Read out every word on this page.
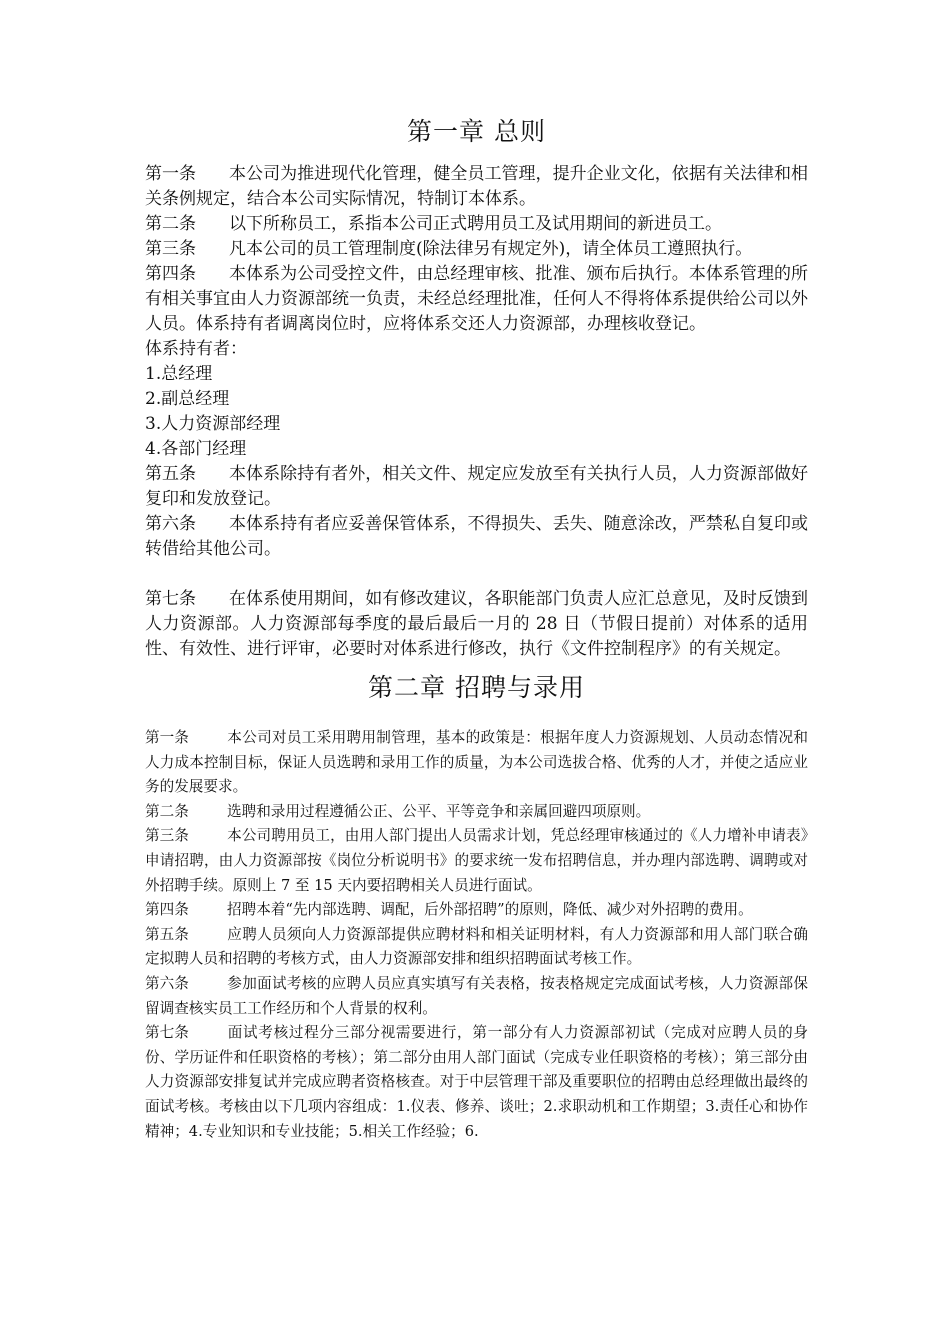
第一章 总则

第一条 本公司为推进现代化管理，健全员工管理，提升企业文化，依据有关法律和相关条例规定，结合本公司实际情况，特制订本体系。

第二条 以下所称员工，系指本公司正式聘用员工及试用期间的新进员工。

第三条 凡本公司的员工管理制度(除法律另有规定外)，请全体员工遵照执行。

第四条 本体系为公司受控文件，由总经理审核、批准、颁布后执行。本体系管理的所有相关事宜由人力资源部统一负责，未经总经理批准，任何人不得将体系提供给公司以外人员。体系持有者调离岗位时，应将体系交还人力资源部，办理核收登记。

体系持有者：

1.总经理

2.副总经理

3.人力资源部经理

4.各部门经理

第五条 本体系除持有者外，相关文件、规定应发放至有关执行人员，人力资源部做好复印和发放登记。

第六条 本体系持有者应妥善保管体系，不得损失、丢失、随意涂改，严禁私自复印或转借给其他公司。

第七条 在体系使用期间，如有修改建议，各职能部门负责人应汇总意见，及时反馈到人力资源部。人力资源部每季度的最后最后一月的 28 日（节假日提前）对体系的适用性、有效性、进行评审，必要时对体系进行修改，执行《文件控制程序》的有关规定。

第二章 招聘与录用

第一条	本公司对员工采用聘用制管理，基本的政策是：根据年度人力资源规划、人员动态情况和人力成本控制目标，保证人员选聘和录用工作的质量，为本公司选拔合格、优秀的人才，并使之适应业务的发展要求。

第二条	选聘和录用过程遵循公正、公平、平等竞争和亲属回避四项原则。

第三条	本公司聘用员工，由用人部门提出人员需求计划，凭总经理审核通过的《人力增补申请表》申请招聘，由人力资源部按《岗位分析说明书》的要求统一发布招聘信息，并办理内部选聘、调聘或对外招聘手续。原则上 7 至 15 天内要招聘相关人员进行面试。

第四条	招聘本着“先内部选聘、调配，后外部招聘”的原则，降低、减少对外招聘的费用。

第五条	应聘人员须向人力资源部提供应聘材料和相关证明材料，有人力资源部和用人部门联合确定拟聘人员和招聘的考核方式，由人力资源部安排和组织招聘面试考核工作。

第六条	参加面试考核的应聘人员应真实填写有关表格，按表格规定完成面试考核，人力资源部保留调查核实员工工作经历和个人背景的权利。

第七条	面试考核过程分三部分视需要进行，第一部分有人力资源部初试（完成对应聘人员的身份、学历证件和任职资格的考核）；第二部分由用人部门面试（完成专业任职资格的考核）；第三部分由人力资源部安排复试并完成应聘者资格核查。对于中层管理干部及重要职位的招聘由总经理做出最终的面试考核。考核由以下几项内容组成：1.仪表、修养、谈吐；2.求职动机和工作期望；3.责任心和协作精神；4.专业知识和专业技能；5.相关工作经验；6.
